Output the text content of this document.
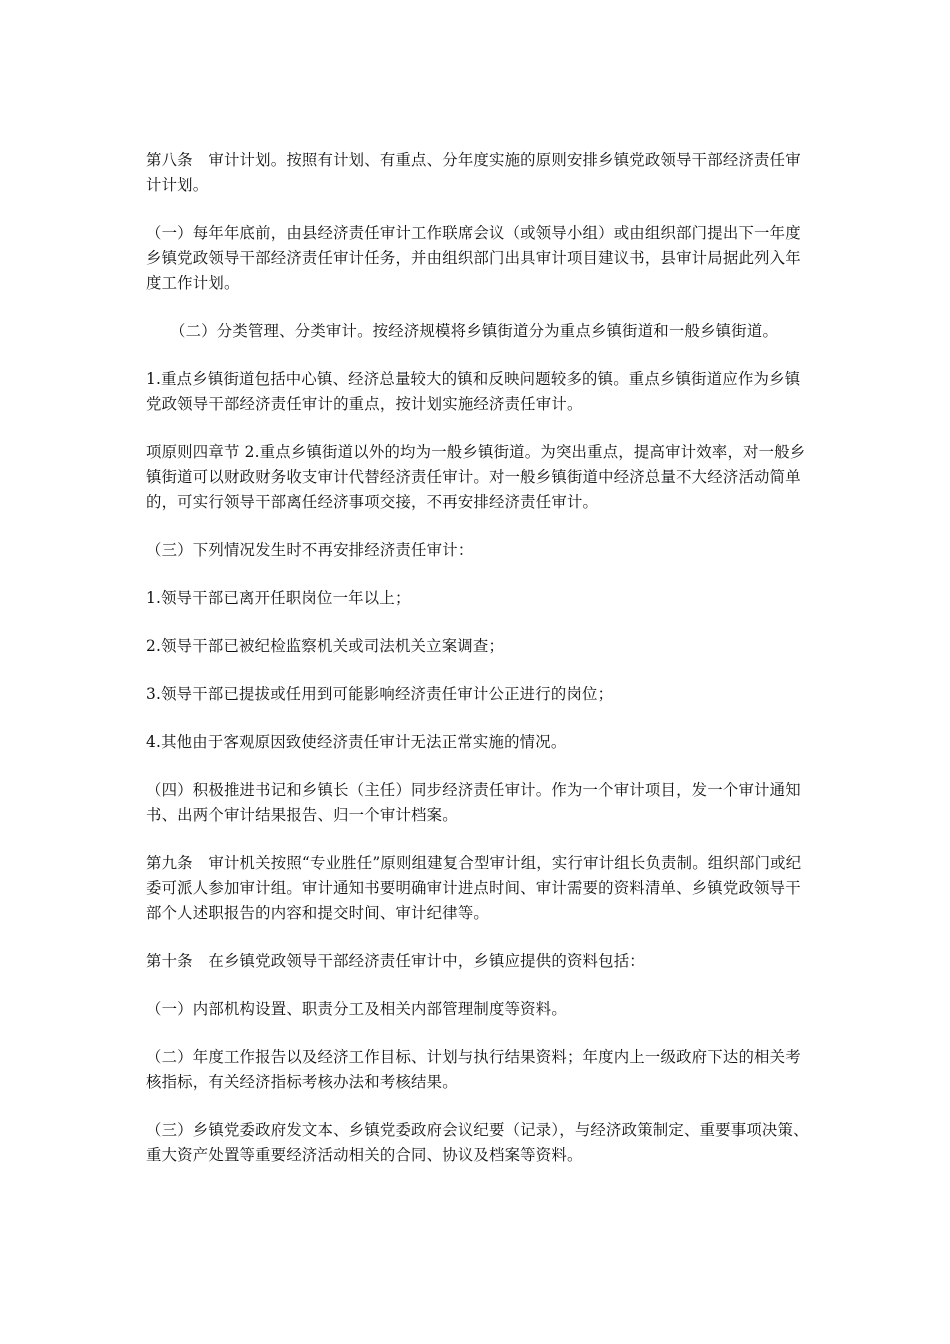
第八条　审计计划。按照有计划、有重点、分年度实施的原则安排乡镇党政领导干部经济责任审计计划。

（一）每年年底前，由县经济责任审计工作联席会议（或领导小组）或由组织部门提出下一年度乡镇党政领导干部经济责任审计任务，并由组织部门出具审计项目建议书，县审计局据此列入年度工作计划。

（二）分类管理、分类审计。按经济规模将乡镇街道分为重点乡镇街道和一般乡镇街道。

1.重点乡镇街道包括中心镇、经济总量较大的镇和反映问题较多的镇。重点乡镇街道应作为乡镇党政领导干部经济责任审计的重点，按计划实施经济责任审计。

项原则四章节 2.重点乡镇街道以外的均为一般乡镇街道。为突出重点，提高审计效率，对一般乡镇街道可以财政财务收支审计代替经济责任审计。对一般乡镇街道中经济总量不大经济活动简单的，可实行领导干部离任经济事项交接，不再安排经济责任审计。

（三）下列情况发生时不再安排经济责任审计：

1.领导干部已离开任职岗位一年以上；

2.领导干部已被纪检监察机关或司法机关立案调查；

3.领导干部已提拔或任用到可能影响经济责任审计公正进行的岗位；

4.其他由于客观原因致使经济责任审计无法正常实施的情况。

（四）积极推进书记和乡镇长（主任）同步经济责任审计。作为一个审计项目，发一个审计通知书、出两个审计结果报告、归一个审计档案。

第九条　审计机关按照“专业胜任”原则组建复合型审计组，实行审计组长负责制。组织部门或纪委可派人参加审计组。审计通知书要明确审计进点时间、审计需要的资料清单、乡镇党政领导干部个人述职报告的内容和提交时间、审计纪律等。

第十条　在乡镇党政领导干部经济责任审计中，乡镇应提供的资料包括：

（一）内部机构设置、职责分工及相关内部管理制度等资料。

（二）年度工作报告以及经济工作目标、计划与执行结果资料；年度内上一级政府下达的相关考核指标，有关经济指标考核办法和考核结果。

（三）乡镇党委政府发文本、乡镇党委政府会议纪要（记录），与经济政策制定、重要事项决策、重大资产处置等重要经济活动相关的合同、协议及档案等资料。
